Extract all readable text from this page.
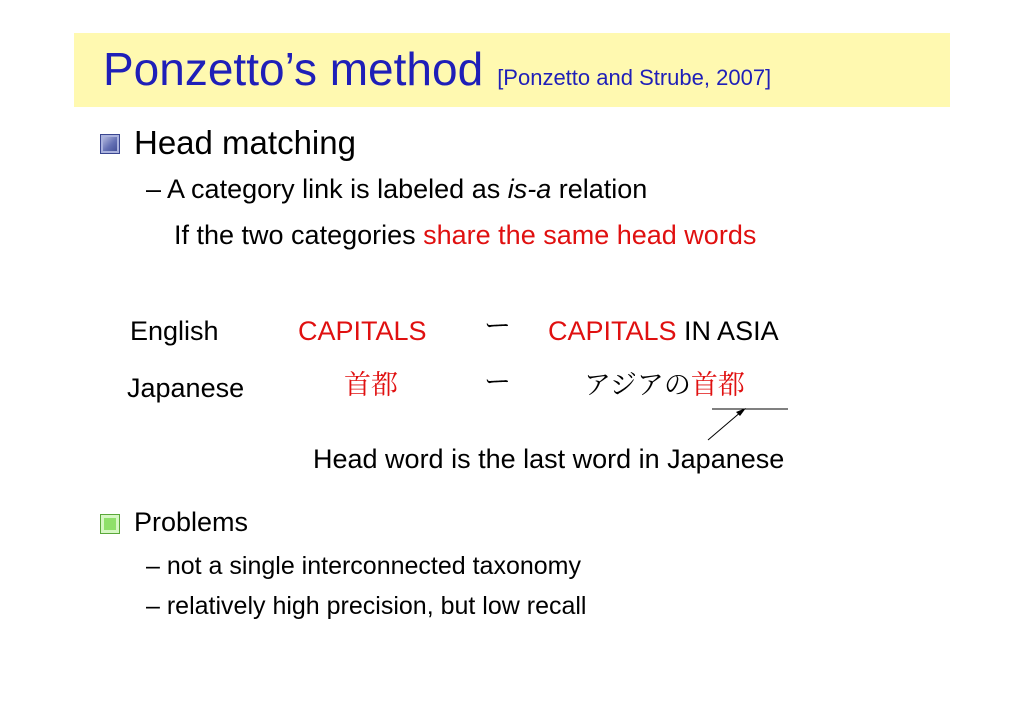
Ponzetto’s method [Ponzetto and Strube, 2007]
Head matching
– A category link is labeled as is-a relation
If the two categories share the same head words
English	CAPITALS ー CAPITALS IN ASIA
Japanese	首都	ー	アジアの首都
Head word is the last word in Japanese
Problems
– not a single interconnected taxonomy
– relatively high precision, but low recall
